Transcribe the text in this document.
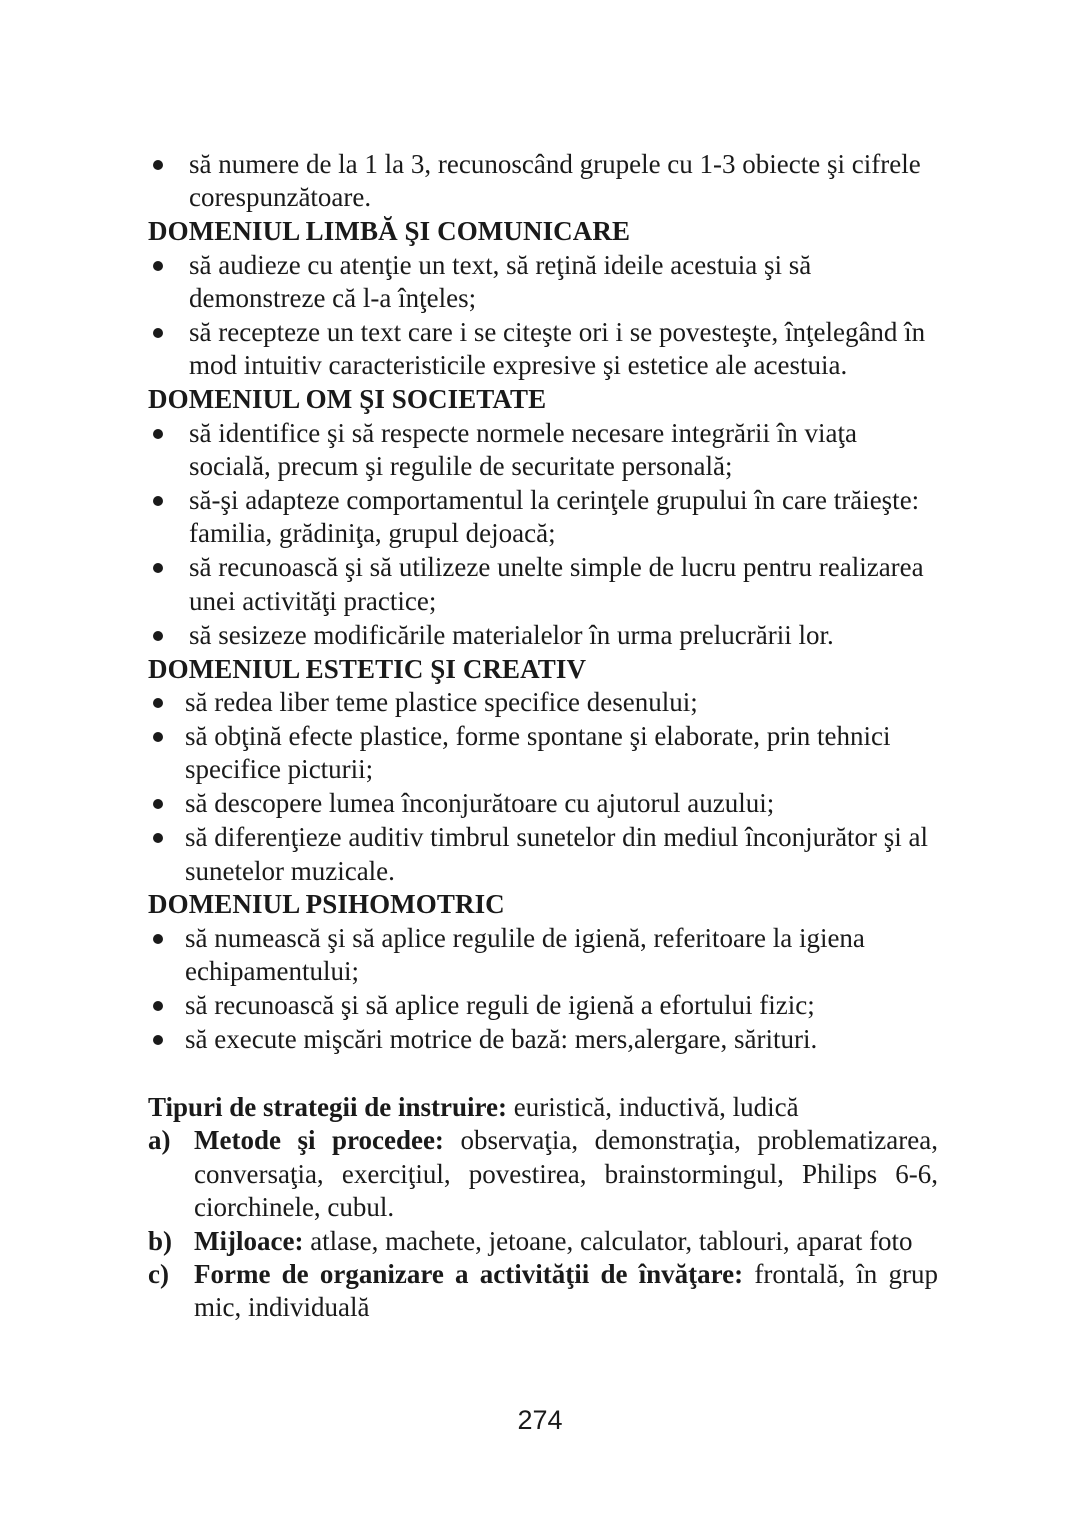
să numere de la 1 la 3, recunoscând grupele cu 1-3 obiecte şi cifrele corespunzătoare.
DOMENIUL LIMBĂ ŞI COMUNICARE
să audieze cu atenţie un text, să reţină ideile acestuia şi să demonstreze că l-a înţeles;
să recepteze un text care i se citeşte ori i se povesteşte, înţelegând în mod intuitiv caracteristicile expresive şi estetice ale acestuia.
DOMENIUL OM ŞI SOCIETATE
să identifice şi să respecte normele necesare integrării în viaţa socială, precum şi regulile de securitate personală;
să-şi adapteze comportamentul la cerinţele grupului în care trăieşte: familia, grădiniţa, grupul dejoacă;
să recunoască şi să utilizeze unelte simple de lucru pentru realizarea unei activităţi practice;
să sesizeze modificările materialelor în urma prelucrării lor.
DOMENIUL ESTETIC ŞI CREATIV
să redea liber teme plastice specifice desenului;
să obţină efecte plastice, forme spontane şi elaborate, prin tehnici specifice picturii;
să descopere lumea înconjurătoare cu ajutorul auzului;
să diferenţieze auditiv timbrul sunetelor din mediul înconjurător şi al sunetelor muzicale.
DOMENIUL PSIHOMOTRIC
să numească şi să aplice regulile de igienă, referitoare la igiena echipamentului;
să recunoască şi să aplice reguli de igienă a efortului fizic;
să execute mişcări motrice de bază: mers,alergare, sărituri.
Tipuri de strategii de instruire: euristică, inductivă, ludică
a) Metode şi procedee: observaţia, demonstraţia, problematizarea, conversaţia, exerciţiul, povestirea, brainstormingul, Philips 6-6, ciorchinele, cubul.
b) Mijloace: atlase, machete, jetoane, calculator, tablouri, aparat foto
c) Forme de organizare a activităţii de învăţare: frontală, în grup mic, individuală
274
